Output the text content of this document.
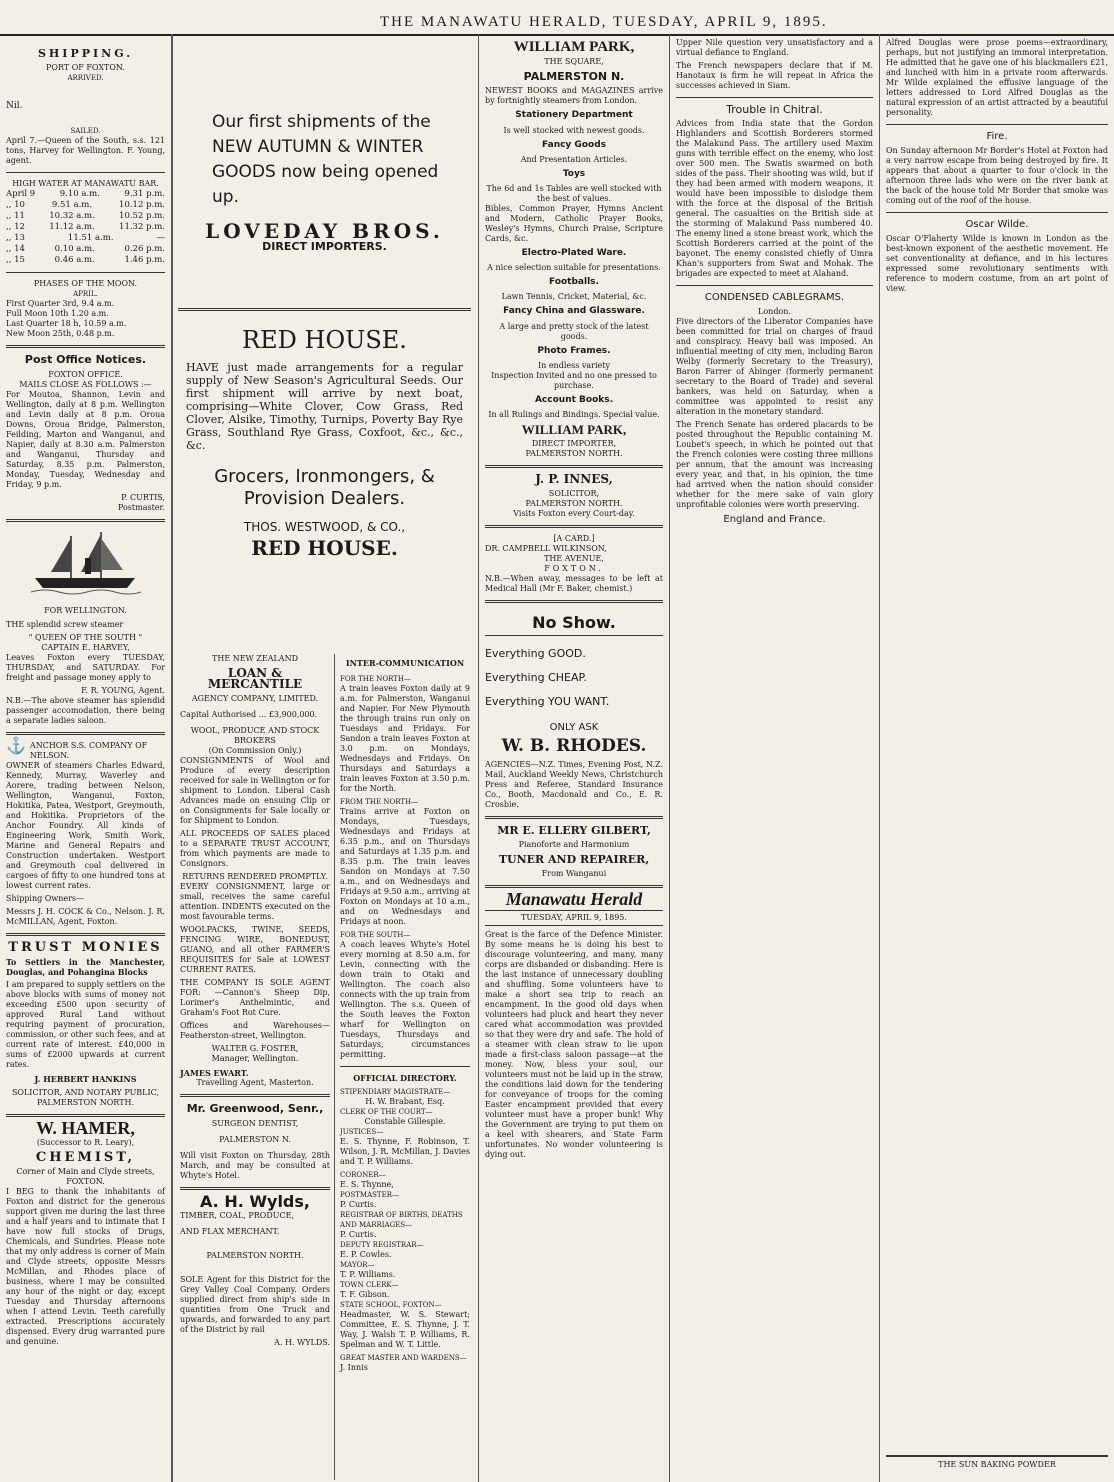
THE MANAWATU HERALD, TUESDAY, APRIL 9, 1895.
SHIPPING.
PORT OF FOXTON.
ARRIVED.

Nil.

SAILED.

April 7.—Queen of the South, s.s. 121 tons, Harvey for Wellington. F. Young, agent.

HIGH WATER AT MANAWATU BAR.
April 9	9.10 a.m.	9.31 p.m.
,, 10	9.51 a.m.	10.12 p.m.
,, 11	10.32 a.m.	10.52 p.m.
,, 12	11.12 a.m.	11.32 p.m.
,, 13	11.51 a.m.	—
,, 14	0.10 a.m.	0.26 p.m.
,, 15	0.46 a.m.	1.46 p.m.
PHASES OF THE MOON.
APRIL.
First Quarter 3rd, 9.4 a.m.
Full Moon 10th 1.20 a.m.
Last Quarter 18 h, 10.59 a.m.
New Moon 25th, 0.48 p.m.
Post Office Notices.
FOXTON OFFICE.
MAILS CLOSE AS FOLLOWS :—

For Moutoa, Shannon, Levin and Wellington, daily at 8 p.m. Wellington and Levin daily at 8 p.m. Oroua Downs, Oroua Bridge, Palmerston, Feilding, Marton and Wanganui, and Napier, daily at 8.30 a.m. Palmerston and Wanganui, Thursday and Saturday, 8.35 p.m. Palmerston, Monday, Tuesday, Wednesday and Friday, 9 p.m.

P. CURTIS,
Postmaster.
FOR WELLINGTON.

THE splendid screw steamer

" QUEEN OF THE SOUTH "
CAPTAIN E. HARVEY,

Leaves Foxton every TUESDAY, THURSDAY, and SATURDAY. For freight and passage money apply to

F. R. YOUNG, Agent.

N.B.—The above steamer has splendid passenger accomodation, there being a separate ladies saloon.

⚓ ANCHOR S.S. COMPANY OF NELSON.

OWNER of steamers Charles Edward, Kennedy, Murray, Waverley and Aorere, trading between Nelson, Wellington, Wanganui, Foxton, Hokitika, Patea, Westport, Greymouth, and Hokitika. Proprietors of the Anchor Foundry. All kinds of Engineering Work, Smith Work, Marine and General Repairs and Construction undertaken. Westport and Greymouth coal delivered in cargoes of fifty to one hundred tons at lowest current rates.

Shipping Owners—

Messrs J. H. COCK & Co., Nelson. J. R. McMILLAN, Agent, Foxton.

TRUST MONIES

To Settlers in the Manchester, Douglas, and Pohangina Blocks

I am prepared to supply settlers on the above blocks with sums of money not exceeding £500 upon security of approved Rural Land without requiring payment of procuration, commission, or other such fees, and at current rate of interest. £40,000 in sums of £2000 upwards at current rates.

J. HERBERT HANKINS
SOLICITOR, AND NOTARY PUBLIC, PALMERSTON NORTH.
W. HAMER,
(Successor to R. Leary),
CHEMIST,
Corner of Main and Clyde streets, FOXTON.

I BEG to thank the inhabitants of Foxton and district for the generous support given me during the last three and a half years and to intimate that I have now full stocks of Drugs, Chemicals, and Sundries. Please note that my only address is corner of Main and Clyde streets, opposite Messrs McMillan, and Rhodes place of business, where I may be consulted any hour of the night or day, except Tuesday and Thursday afternoons when I attend Levin. Teeth carefully extracted. Prescriptions accurately dispensed. Every drug warranted pure and genuine.

Our first shipments of the NEW AUTUMN & WINTER GOODS now being opened up.
LOVEDAY BROS.
DIRECT IMPORTERS.
RED HOUSE.

HAVE just made arrangements for a regular supply of New Season's Agricultural Seeds. Our first shipment will arrive by next boat, comprising—White Clover, Cow Grass, Red Clover, Alsike, Timothy, Turnips, Poverty Bay Rye Grass, Southland Rye Grass, Coxfoot, &c., &c., &c.

Grocers, Ironmongers, & Provision Dealers.
THOS. WESTWOOD, & CO.,
RED HOUSE.
THE NEW ZEALAND
LOAN & MERCANTILE
AGENCY COMPANY, LIMITED.
Capital Authorised ... £3,900,000.
WOOL, PRODUCE AND STOCK BROKERS
(On Commission Only.)

CONSIGNMENTS of Wool and Produce of every description received for sale in Wellington or for shipment to London. Liberal Cash Advances made on ensuing Clip or on Consignments for Sale locally or for Shipment to London.

ALL PROCEEDS OF SALES placed to a SEPARATE TRUST ACCOUNT, from which payments are made to Consignors.

RETURNS RENDERED PROMPTLY.

EVERY CONSIGNMENT, large or small, receives the same careful attention. INDENTS executed on the most favourable terms.

WOOLPACKS, TWINE, SEEDS, FENCING WIRE, BONEDUST, GUANO, and all other FARMER'S REQUISITES for Sale at LOWEST CURRENT RATES.

THE COMPANY IS SOLE AGENT FOR: —Cannon's Sheep Dip, Lorimer's Anthelmintic, and Graham's Foot Rot Cure.

Offices and Warehouses—Featherston-street, Wellington.

WALTER G. FOSTER,
Manager, Wellington.
JAMES EWART.
Travelling Agent, Masterton.
Mr. Greenwood, Senr.,
SURGEON DENTIST,
PALMERSTON N.

Will visit Foxton on Thursday, 28th March, and may be consulted at Whyte's Hotel.

A. H. Wylds,
TIMBER, COAL, PRODUCE,
AND FLAX MERCHANT.
PALMERSTON NORTH.

SOLE Agent for this District for the Grey Valley Coal Company. Orders supplied direct from ship's side in quantities from One Truck and upwards, and forwarded to any part of the District by rail

A. H. WYLDS.
INTER-COMMUNICATION
FOR THE NORTH—

A train leaves Foxton daily at 9 a.m. for Palmerston, Wanganui and Napier. For New Plymouth the through trains run only on Tuesdays and Fridays. For Sandon a train leaves Foxton at 3.0 p.m. on Mondays, Wednesdays and Fridays. On Thursdays and Saturdays a train leaves Foxton at 3.50 p.m. for the North.

FROM THE NORTH—

Trains arrive at Foxton on Mondays, Tuesdays, Wednesdays and Fridays at 6.35 p.m., and on Thursdays and Saturdays at 1.35 p.m. and 8.35 p.m. The train leaves Sandon on Mondays at 7.50 a.m., and on Wednesdays and Fridays at 9.50 a.m., arriving at Foxton on Mondays at 10 a.m., and on Wednesdays and Fridays at noon.

FOR THE SOUTH—

A coach leaves Whyte's Hotel every morning at 8.50 a.m. for Levin, connecting with the down train to Otaki and Wellington. The coach also connects with the up train from Wellington. The s.s. Queen of the South leaves the Foxton wharf for Wellington on Tuesdays, Thursdays and Saturdays, circumstances permitting.

OFFICIAL DIRECTORY.
STIPENDIARY MAGISTRATE—
H. W. Brabant, Esq.
CLERK OF THE COURT—
Constable Gillespie.
JUSTICES—

E. S. Thynne, F. Robinson, T. Wilson, J. R. McMillan, J. Davies and T. P. Williams.

CORONER—
E. S. Thynne,
POSTMASTER—
P. Curtis.
REGISTRAR OF BIRTHS, DEATHS AND MARRIAGES—
P. Curtis.
DEPUTY REGISTRAR—
E. P. Cowles.
MAYOR—
T. P. Williams.
TOWN CLERK—
T. F. Gibson.
STATE SCHOOL, FOXTON—

Headmaster, W. S. Stewart; Committee, E. S. Thynne, J. T. Way, J. Walsh T. P. Williams, R. Spelman and W. T. Little.

GREAT MASTER AND WARDENS—
J. Innis
WILLIAM PARK,
THE SQUARE,
PALMERSTON N.

NEWEST BOOKS and MAGAZINES arrive by fortnightly steamers from London.

Stationery Department
Is well stocked with newest goods.
Fancy Goods
And Presentation Articles.
Toys
The 6d and 1s Tables are well stocked with the best of values.

Bibles, Common Prayer, Hymns Ancient and Modern, Catholic Prayer Books, Wesley's Hymns, Church Praise, Scripture Cards, &c.

Electro-Plated Ware.
A nice selection suitable for presentations.
Footballs.
Lawn Tennis, Cricket, Material, &c.
Fancy China and Glassware.
A large and pretty stock of the latest goods.
Photo Frames.
In endless variety
Inspection Invited and no one pressed to purchase.
Account Books.
In all Rulings and Bindings. Special value.
WILLIAM PARK,
DIRECT IMPORTER,
PALMERSTON NORTH.
J. P. INNES,
SOLICITOR,
PALMERSTON NORTH.
Visits Foxton every Court-day.
[A CARD.]
DR. CAMPBELL WILKINSON,
THE AVENUE,
FOXTON.

N.B.—When away, messages to be left at Medical Hall (Mr F. Baker, chemist.)

No Show.
Everything GOOD.
Everything CHEAP.
Everything YOU WANT.
ONLY ASK
W. B. RHODES.

AGENCIES—N.Z. Times, Evening Post, N.Z. Mail, Auckland Weekly News, Christchurch Press and Referee, Standard Insurance Co., Booth, Macdonald and Co., E. R. Crosbie.

MR E. ELLERY GILBERT,
Pianoforte and Harmonium
TUNER AND REPAIRER,
From Wanganui
Manawatu Herald
TUESDAY, APRIL 9, 1895.

Great is the farce of the Defence Minister. By some means he is doing his best to discourage volunteering, and many, many corps are disbanded or disbanding. Here is the last instance of unnecessary doubling and shuffling. Some volunteers have to make a short sea trip to reach an encampment. In the good old days when volunteers had pluck and heart they never cared what accommodation was provided so that they were dry and safe. The hold of a steamer with clean straw to lie upon made a first-class saloon passage—at the money. Now, bless your soul, our volunteers must not be laid up in the straw, the conditions laid down for the tendering for conveyance of troops for the coming Easter encampment provided that every volunteer must have a proper bunk! Why the Government are trying to put them on a keel with shearers, and State Farm unfortunates. No wonder volunteering is dying out.

Upper Nile question very unsatisfactory and a virtual defiance to England.

The French newspapers declare that if M. Hanotaux is firm he will repeat in Africa the successes achieved in Siam.

Trouble in Chitral.

Advices from India state that the Gordon Highlanders and Scottish Borderers stormed the Malakund Pass. The artillery used Maxim guns with terrible effect on the enemy, who lost over 500 men. The Swatis swarmed on both sides of the pass. Their shooting was wild, but if they had been armed with modern weapons, it would have been impossible to dislodge them with the force at the disposal of the British general. The casualties on the British side at the storming of Malakund Pass numbered 40. The enemy lined a stone breast work, which the Scottish Borderers carried at the point of the bayonet. The enemy consisted chiefly of Umra Khan's supporters from Swat and Mohak. The brigades are expected to meet at Alahand.

CONDENSED CABLEGRAMS.
London.

Five directors of the Liberator Companies have been committed for trial on charges of fraud and conspiracy. Heavy bail was imposed. An influential meeting of city men, including Baron Welby (formerly Secretary to the Treasury), Baron Farrer of Abinger (formerly permanent secretary to the Board of Trade) and several bankers, was held on Saturday, when a committee was appointed to resist any alteration in the monetary standard.

The French Senate has ordered placards to be posted throughout the Republic containing M. Loubet's speech, in which he pointed out that the French colonies were costing three millions per annum, that the amount was increasing every year, and that, in his opinion, the time had arrived when the nation should consider whether for the mere sake of vain glory unprofitable colonies were worth preserving.

England and France.

Alfred Douglas were prose poems—extraordinary, perhaps, but not justifying an immoral interpretation. He admitted that he gave one of his blackmailers £21, and lunched with him in a private room afterwards. Mr Wilde explained the effusive language of the letters addressed to Lord Alfred Douglas as the natural expression of an artist attracted by a beautiful personality.

Fire.

On Sunday afternoon Mr Border's Hotel at Foxton had a very narrow escape from being destroyed by fire. It appears that about a quarter to four o'clock in the afternoon three lads who were on the river bank at the back of the house told Mr Border that smoke was coming out of the roof of the house.

Oscar Wilde.

Oscar O'Flaherty Wilde is known in London as the best-known exponent of the aesthetic movement. He set conventionality at defiance, and in his lectures expressed some revolutionary sentiments with reference to modern costume, from an art point of view.

THE SUN BAKING POWDER
